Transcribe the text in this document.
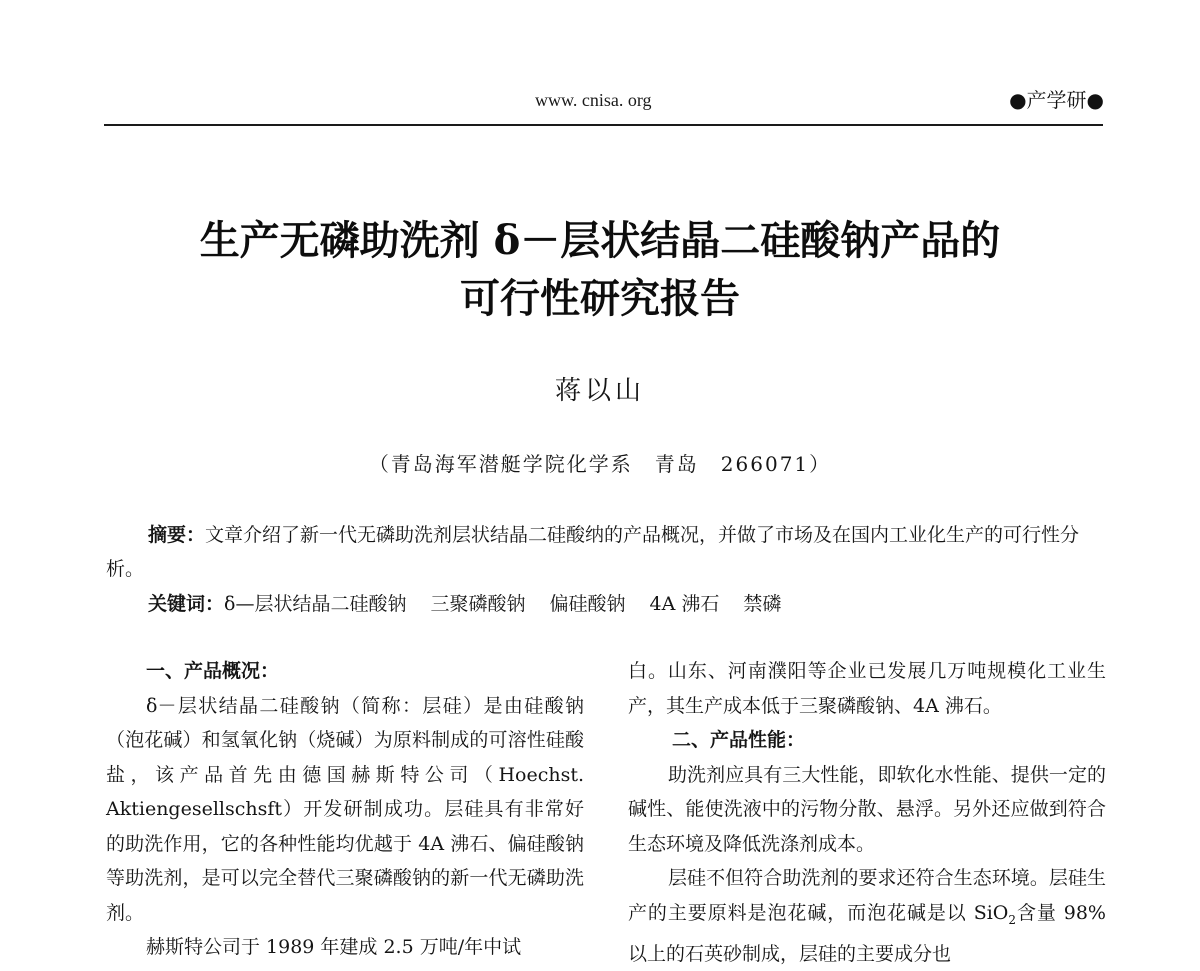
www. cnisa. org	●产学研●
生产无磷助洗剂 δ－层状结晶二硅酸钠产品的
可行性研究报告
蒋以山
（青岛海军潜艇学院化学系　青岛　266071）
摘要：文章介绍了新一代无磷助洗剂层状结晶二硅酸纳的产品概况，并做了市场及在国内工业化生产的可行性分析。
关键词：δ—层状结晶二硅酸钠 三聚磷酸钠 偏硅酸钠 4A 沸石 禁磷

一、产品概况：

δ－层状结晶二硅酸钠（简称：层硅）是由硅酸钠（泡花碱）和氢氧化钠（烧碱）为原料制成的可溶性硅酸盐，该产品首先由德国赫斯特公司（Hoechst. Aktiengesellschsft）开发研制成功。层硅具有非常好的助洗作用，它的各种性能均优越于 4A 沸石、偏硅酸钠等助洗剂，是可以完全替代三聚磷酸钠的新一代无磷助洗剂。

赫斯特公司于 1989 年建成 2.5 万吨/年中试

白。山东、河南濮阳等企业已发展几万吨规模化工业生产，其生产成本低于三聚磷酸钠、4A 沸石。

二、产品性能：

助洗剂应具有三大性能，即软化水性能、提供一定的碱性、能使洗液中的污物分散、悬浮。另外还应做到符合生态环境及降低洗涤剂成本。

层硅不但符合助洗剂的要求还符合生态环境。层硅生产的主要原料是泡花碱，而泡花碱是以 SiO$_2$含量 98% 以上的石英砂制成，层硅的主要成分也
